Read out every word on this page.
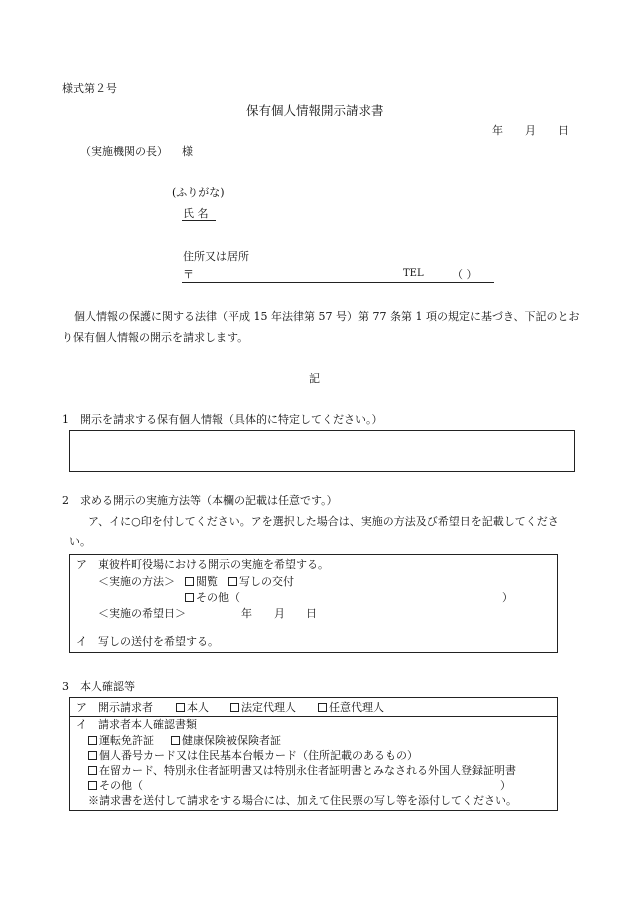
様式第２号
保有個人情報開示請求書
年 月 日
（実施機関の長） 様
(ふりがな)
氏 名
住所又は居所
〒	TEL	（ ）
個人情報の保護に関する法律（平成 15 年法律第 57 号）第 77 条第 1 項の規定に基づき、下記のとお
り保有個人情報の開示を請求します。
記
1　開示を請求する保有個人情報（具体的に特定してください。）
2　求める開示の実施方法等（本欄の記載は任意です。）
ア、イに○印を付してください。アを選択した場合は、実施の方法及び希望日を記載してくださ
い。
ア　東彼杵町役場における開示の実施を希望する。
＜実施の方法＞	閲覧	写しの交付
その他（	）
＜実施の希望日＞	年 月 日
イ　写しの送付を希望する。
3　本人確認等
ア　開示請求者	本人	法定代理人	任意代理人
イ　請求者本人確認書類
運転免許証	健康保険被保険者証
個人番号カード又は住民基本台帳カード（住所記載のあるもの）
在留カード、特別永住者証明書又は特別永住者証明書とみなされる外国人登録証明書
その他（	）
※請求書を送付して請求をする場合には、加えて住民票の写し等を添付してください。
